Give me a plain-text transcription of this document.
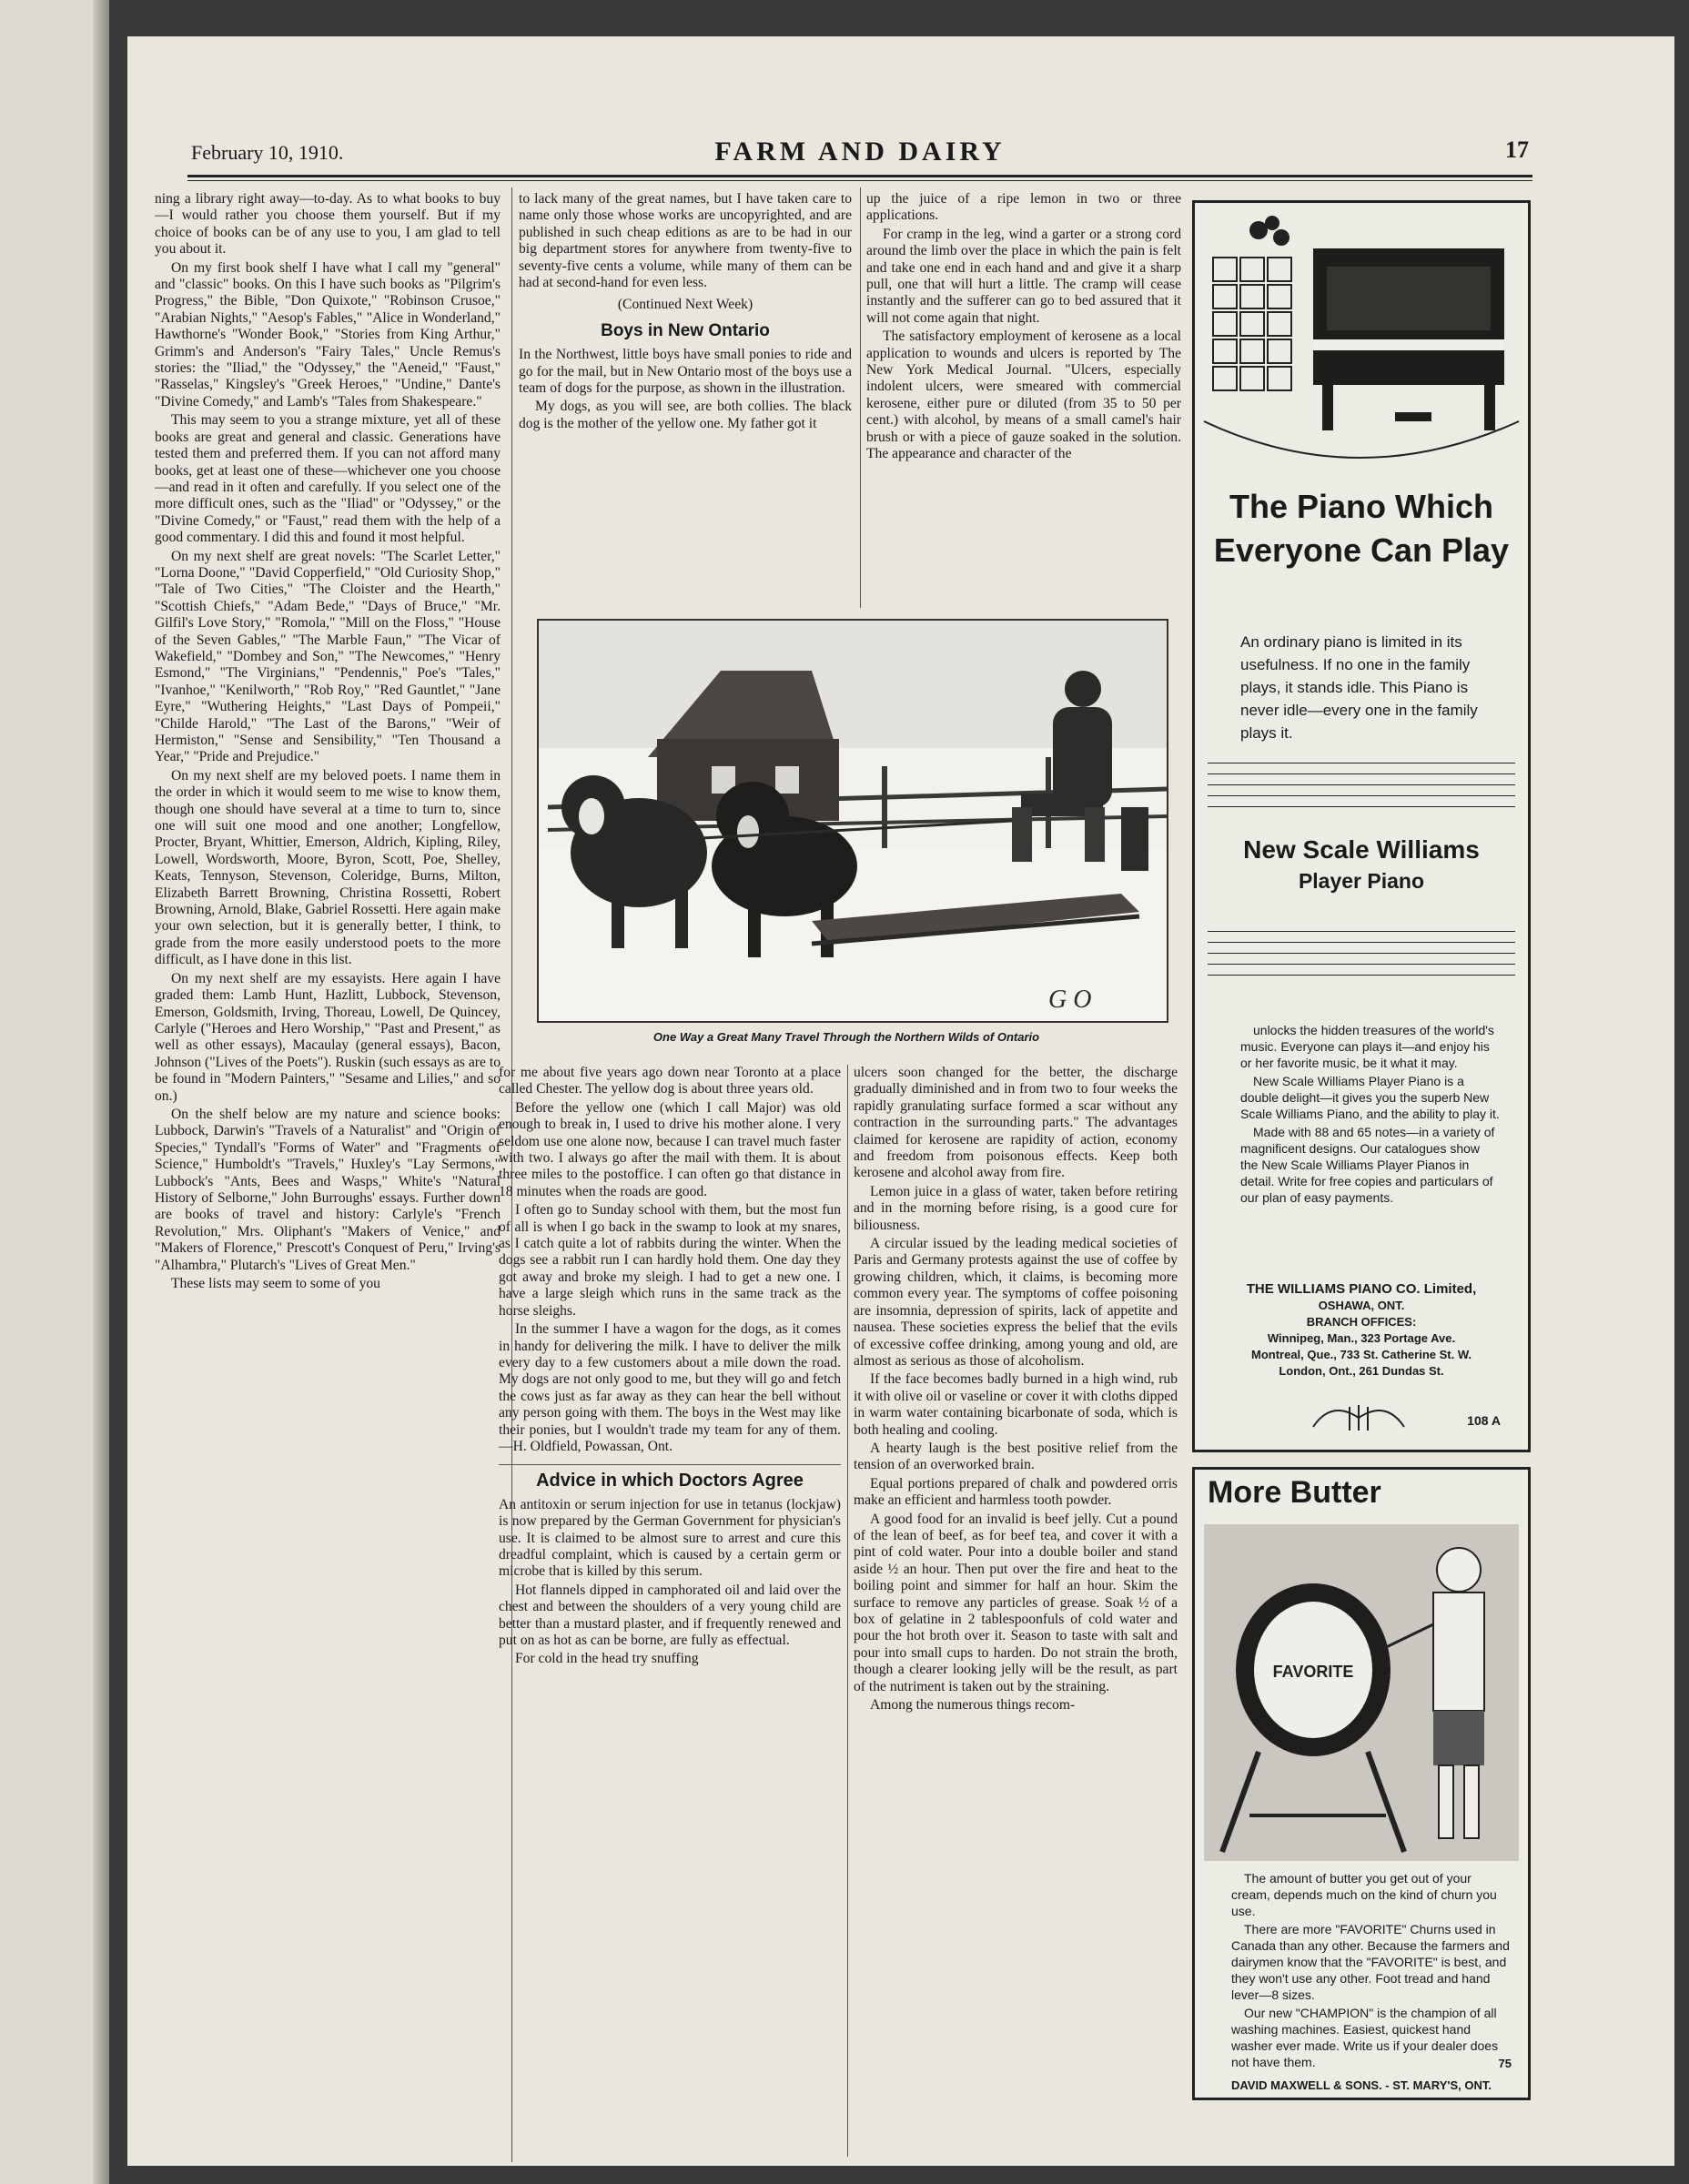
February 10, 1910.	FARM AND DAIRY	17

ning a library right away—to-day. As to what books to buy—I would rather you choose them yourself. But if my choice of books can be of any use to you, I am glad to tell you about it.

On my first book shelf I have what I call my "general" and "classic" books. On this I have such books as "Pilgrim's Progress," the Bible, "Don Quixote," "Robinson Crusoe," "Arabian Nights," "Aesop's Fables," "Alice in Wonderland," Hawthorne's "Wonder Book," "Stories from King Arthur," Grimm's and Anderson's "Fairy Tales," Uncle Remus's stories: the "Iliad," the "Odyssey," the "Aeneid," "Faust," "Rasselas," Kingsley's "Greek Heroes," "Undine," Dante's "Divine Comedy," and Lamb's "Tales from Shakespeare."

This may seem to you a strange mixture, yet all of these books are great and general and classic. Generations have tested them and preferred them. If you can not afford many books, get at least one of these—whichever one you choose—and read in it often and carefully. If you select one of the more difficult ones, such as the "Iliad" or "Odyssey," or the "Divine Comedy," or "Faust," read them with the help of a good commentary. I did this and found it most helpful.

On my next shelf are great novels: "The Scarlet Letter," "Lorna Doone," "David Copperfield," "Old Curiosity Shop," "Tale of Two Cities," "The Cloister and the Hearth," "Scottish Chiefs," "Adam Bede," "Days of Bruce," "Mr. Gilfil's Love Story," "Romola," "Mill on the Floss," "House of the Seven Gables," "The Marble Faun," "The Vicar of Wakefield," "Dombey and Son," "The Newcomes," "Henry Esmond," "The Virginians," "Pendennis," Poe's "Tales," "Ivanhoe," "Kenilworth," "Rob Roy," "Red Gauntlet," "Jane Eyre," "Wuthering Heights," "Last Days of Pompeii," "Childe Harold," "The Last of the Barons," "Weir of Hermiston," "Sense and Sensibility," "Ten Thousand a Year," "Pride and Prejudice."

On my next shelf are my beloved poets. I name them in the order in which it would seem to me wise to know them, though one should have several at a time to turn to, since one will suit one mood and one another; Longfellow, Procter, Bryant, Whittier, Emerson, Aldrich, Kipling, Riley, Lowell, Wordsworth, Moore, Byron, Scott, Poe, Shelley, Keats, Tennyson, Stevenson, Coleridge, Burns, Milton, Elizabeth Barrett Browning, Christina Rossetti, Robert Browning, Arnold, Blake, Gabriel Rossetti. Here again make your own selection, but it is generally better, I think, to grade from the more easily understood poets to the more difficult, as I have done in this list.

On my next shelf are my essayists. Here again I have graded them: Lamb Hunt, Hazlitt, Lubbock, Stevenson, Emerson, Goldsmith, Irving, Thoreau, Lowell, De Quincey, Carlyle ("Heroes and Hero Worship," "Past and Present," as well as other essays), Macaulay (general essays), Bacon, Johnson ("Lives of the Poets"). Ruskin (such essays as are to be found in "Modern Painters," "Sesame and Lilies," and so on.)

On the shelf below are my nature and science books: Lubbock, Darwin's "Travels of a Naturalist" and "Origin of Species," Tyndall's "Forms of Water" and "Fragments of Science," Humboldt's "Travels," Huxley's "Lay Sermons," Lubbock's "Ants, Bees and Wasps," White's "Natural History of Selborne," John Burroughs' essays. Further down are books of travel and history: Carlyle's "French Revolution," Mrs. Oliphant's "Makers of Venice," and "Makers of Florence," Prescott's Conquest of Peru," Irving's "Alhambra," Plutarch's "Lives of Great Men."

These lists may seem to some of you

to lack many of the great names, but I have taken care to name only those whose works are uncopyrighted, and are published in such cheap editions as are to be had in our big department stores for anywhere from twenty-five to seventy-five cents a volume, while many of them can be had at second-hand for even less.

(Continued Next Week)
Boys in New Ontario

In the Northwest, little boys have small ponies to ride and go for the mail, but in New Ontario most of the boys use a team of dogs for the purpose, as shown in the illustration.

My dogs, as you will see, are both collies. The black dog is the mother of the yellow one. My father got it

up the juice of a ripe lemon in two or three applications.

For cramp in the leg, wind a garter or a strong cord around the limb over the place in which the pain is felt and take one end in each hand and and give it a sharp pull, one that will hurt a little. The cramp will cease instantly and the sufferer can go to bed assured that it will not come again that night.

The satisfactory employment of kerosene as a local application to wounds and ulcers is reported by The New York Medical Journal. "Ulcers, especially indolent ulcers, were smeared with commercial kerosene, either pure or diluted (from 35 to 50 per cent.) with alcohol, by means of a small camel's hair brush or with a piece of gauze soaked in the solution. The appearance and character of the

G O
One Way a Great Many Travel Through the Northern Wilds of Ontario

for me about five years ago down near Toronto at a place called Chester. The yellow dog is about three years old.

Before the yellow one (which I call Major) was old enough to break in, I used to drive his mother alone. I very seldom use one alone now, because I can travel much faster with two. I always go after the mail with them. It is about three miles to the postoffice. I can often go that distance in 18 minutes when the roads are good.

I often go to Sunday school with them, but the most fun of all is when I go back in the swamp to look at my snares, as I catch quite a lot of rabbits during the winter. When the dogs see a rabbit run I can hardly hold them. One day they got away and broke my sleigh. I had to get a new one. I have a large sleigh which runs in the same track as the horse sleighs.

In the summer I have a wagon for the dogs, as it comes in handy for delivering the milk. I have to deliver the milk every day to a few customers about a mile down the road. My dogs are not only good to me, but they will go and fetch the cows just as far away as they can hear the bell without any person going with them. The boys in the West may like their ponies, but I wouldn't trade my team for any of them.—H. Oldfield, Powassan, Ont.

Advice in which Doctors Agree

An antitoxin or serum injection for use in tetanus (lockjaw) is now prepared by the German Government for physician's use. It is claimed to be almost sure to arrest and cure this dreadful complaint, which is caused by a certain germ or microbe that is killed by this serum.

Hot flannels dipped in camphorated oil and laid over the chest and between the shoulders of a very young child are better than a mustard plaster, and if frequently renewed and put on as hot as can be borne, are fully as effectual.

For cold in the head try snuffing

ulcers soon changed for the better, the discharge gradually diminished and in from two to four weeks the rapidly granulating surface formed a scar without any contraction in the surrounding parts." The advantages claimed for kerosene are rapidity of action, economy and freedom from poisonous effects. Keep both kerosene and alcohol away from fire.

Lemon juice in a glass of water, taken before retiring and in the morning before rising, is a good cure for biliousness.

A circular issued by the leading medical societies of Paris and Germany protests against the use of coffee by growing children, which, it claims, is becoming more common every year. The symptoms of coffee poisoning are insomnia, depression of spirits, lack of appetite and nausea. These societies express the belief that the evils of excessive coffee drinking, among young and old, are almost as serious as those of alcoholism.

If the face becomes badly burned in a high wind, rub it with olive oil or vaseline or cover it with cloths dipped in warm water containing bicarbonate of soda, which is both healing and cooling.

A hearty laugh is the best positive relief from the tension of an overworked brain.

Equal portions prepared of chalk and powdered orris make an efficient and harmless tooth powder.

A good food for an invalid is beef jelly. Cut a pound of the lean of beef, as for beef tea, and cover it with a pint of cold water. Pour into a double boiler and stand aside ½ an hour. Then put over the fire and heat to the boiling point and simmer for half an hour. Skim the surface to remove any particles of grease. Soak ½ of a box of gelatine in 2 tablespoonfuls of cold water and pour the hot broth over it. Season to taste with salt and pour into small cups to harden. Do not strain the broth, though a clearer looking jelly will be the result, as part of the nutriment is taken out by the straining.

Among the numerous things recom-

The Piano Which Everyone Can Play
An ordinary piano is limited in its usefulness. If no one in the family plays, it stands idle. This Piano is never idle—every one in the family plays it.
New Scale Williams
Player Piano

unlocks the hidden treasures of the world's music. Everyone can plays it—and enjoy his or her favorite music, be it what it may.

New Scale Williams Player Piano is a double delight—it gives you the superb New Scale Williams Piano, and the ability to play it.

Made with 88 and 65 notes—in a variety of magnificent designs. Our catalogues show the New Scale Williams Player Pianos in detail. Write for free copies and particulars of our plan of easy payments.

THE WILLIAMS PIANO CO. Limited,
OSHAWA, ONT.
BRANCH OFFICES:
Winnipeg, Man., 323 Portage Ave.
Montreal, Que., 733 St. Catherine St. W.
London, Ont., 261 Dundas St.
108 A
More Butter
FAVORITE

The amount of butter you get out of your cream, depends much on the kind of churn you use.

There are more "FAVORITE" Churns used in Canada than any other. Because the farmers and dairymen know that the "FAVORITE" is best, and they won't use any other. Foot tread and hand lever—8 sizes.

Our new "CHAMPION" is the champion of all washing machines. Easiest, quickest hand washer ever made. Write us if your dealer does not have them.	75
DAVID MAXWELL & SONS. - ST. MARY'S, ONT.
